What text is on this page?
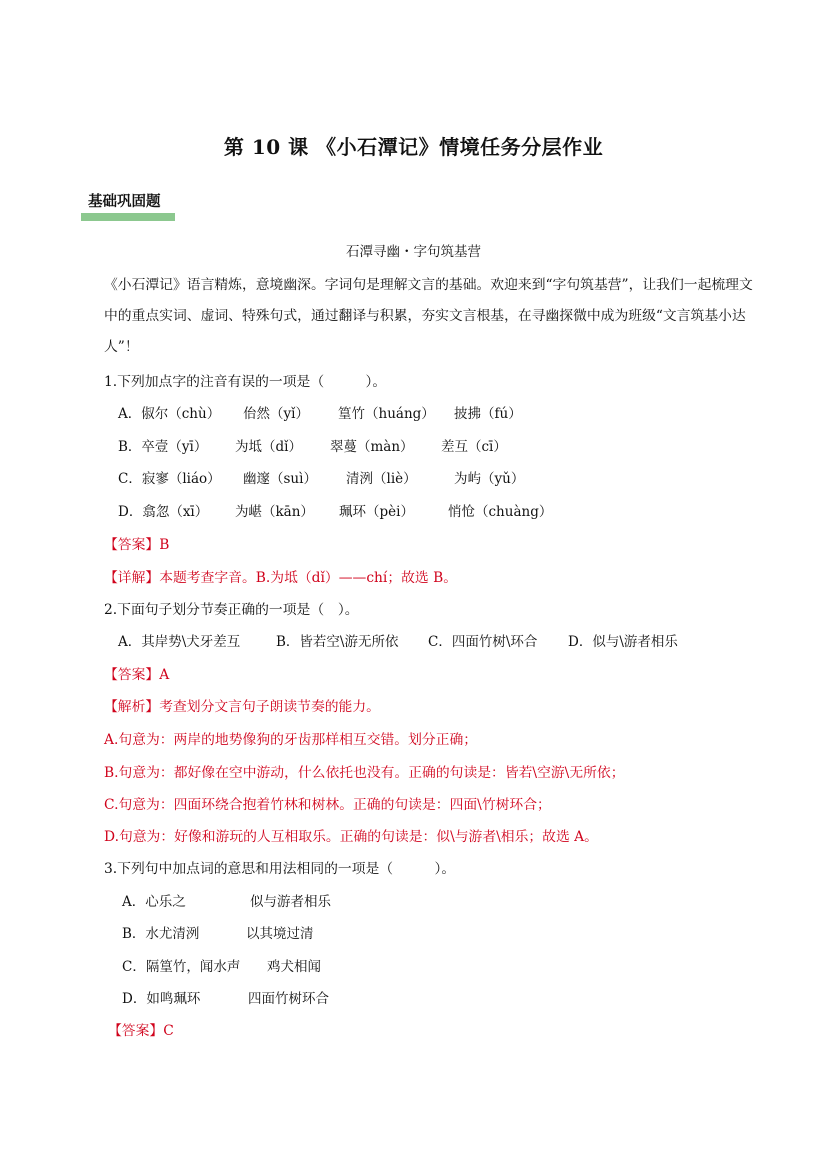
第 10 课 《小石潭记》情境任务分层作业
基础巩固题
石潭寻幽・字句筑基营
《小石潭记》语言精炼，意境幽深。字词句是理解文言的基础。欢迎来到“字句筑基营”，让我们一起梳理文中的重点实词、虚词、特殊句式，通过翻译与积累，夯实文言根基，在寻幽探微中成为班级“文言筑基小达人”！
1.下列加点字的注音有误的一项是（　　　）。
A．俶尔（chù） 佁然（yǐ） 篁竹（huáng） 披拂（fú）
B．卒壹（yī） 为坻（dǐ） 翠蔓（màn） 差互（cī）
C．寂寥（liáo） 幽邃（suì） 清洌（liè）	为屿（yǔ）
D．翕忽（xī） 为嵁（kān） 珮环（pèi）	悄怆（chuàng）
【答案】B
【详解】本题考查字音。B.为坻（dǐ）——chí；故选 B。
2.下面句子划分节奏正确的一项是（　）。
A．其岸势\犬牙差互	B．皆若空\游无所依 C．四面竹树\环合 D．似与\游者相乐
【答案】A
【解析】考查划分文言句子朗读节奏的能力。
A.句意为：两岸的地势像狗的牙齿那样相互交错。划分正确；
B.句意为：都好像在空中游动，什么依托也没有。正确的句读是：皆若\空游\无所依；
C.句意为：四面环绕合抱着竹林和树林。正确的句读是：四面\竹树环合；
D.句意为：好像和游玩的人互相取乐。正确的句读是：似\与游者\相乐；故选 A。
3.下列句中加点词的意思和用法相同的一项是（　　　）。
A．心乐之	似与游者相乐
B．水尤清洌	以其境过清
C．隔篁竹，闻水声 鸡犬相闻
D．如鸣珮环	四面竹树环合
【答案】C
